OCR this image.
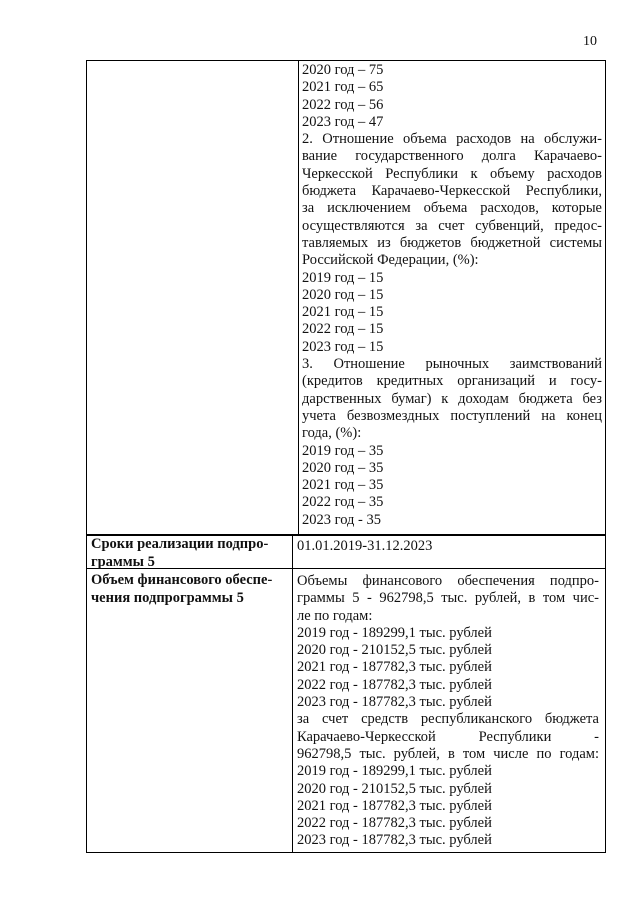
10
2020 год – 75
2021 год – 65
2022 год – 56
2023 год – 47
2. Отношение объема расходов на обслужи-
вание государственного долга Карачаево-
Черкесской Республики к объему расходов
бюджета Карачаево-Черкесской Республики,
за исключением объема расходов, которые
осуществляются за счет субвенций, предос-
тавляемых из бюджетов бюджетной системы
Российской Федерации, (%):
2019 год – 15
2020 год – 15
2021 год – 15
2022 год – 15
2023 год – 15
3. Отношение рыночных заимствований
(кредитов кредитных организаций и госу-
дарственных бумаг) к доходам бюджета без
учета безвозмездных поступлений на конец
года, (%):
2019 год – 35
2020 год – 35
2021 год – 35
2022 год – 35
2023 год - 35
Сроки реализации подпро-
граммы 5
01.01.2019-31.12.2023
Объем финансового обеспе-
чения подпрограммы 5
Объемы финансового обеспечения подпро-
граммы 5 - 962798,5 тыс. рублей, в том чис-
ле по годам:
2019 год - 189299,1 тыс. рублей
2020 год - 210152,5 тыс. рублей
2021 год - 187782,3 тыс. рублей
2022 год - 187782,3 тыс. рублей
2023 год - 187782,3 тыс. рублей
за счет средств республиканского бюджета
Карачаево-Черкесской Республики -
962798,5 тыс. рублей, в том числе по годам:
2019 год - 189299,1 тыс. рублей
2020 год - 210152,5 тыс. рублей
2021 год - 187782,3 тыс. рублей
2022 год - 187782,3 тыс. рублей
2023 год - 187782,3 тыс. рублей
